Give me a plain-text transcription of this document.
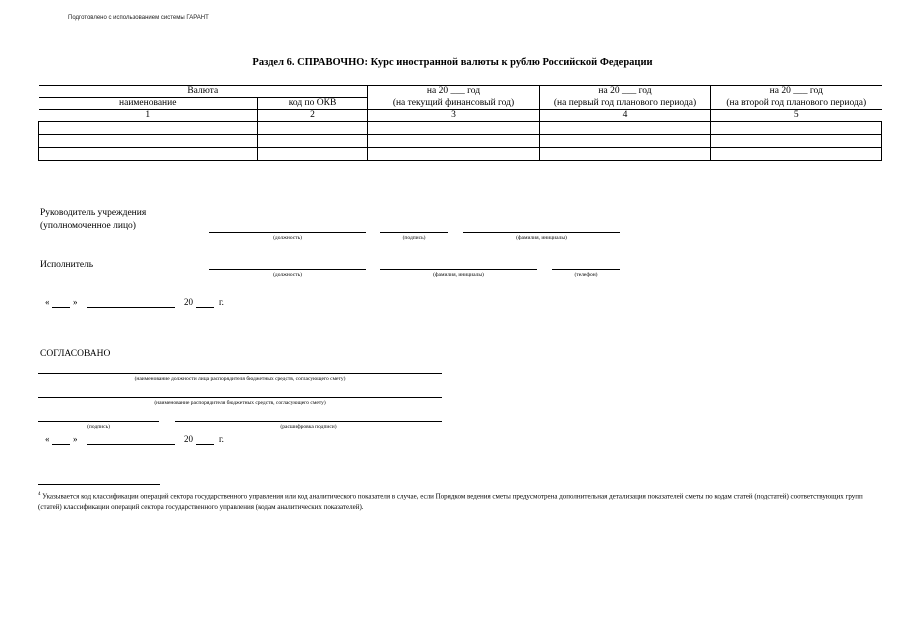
Подготовлено с использованием системы ГАРАНТ
Раздел 6. СПРАВОЧНО: Курс иностранной валюты к рублю Российской Федерации
Валюта		на 20 ___ год	на 20 ___ год	на 20 ___ год
наименование	код по ОКВ	(на текущий финансовый год)	(на первый год планового периода)	(на второй год планового периода)
1	2	3	4	5

Руководитель учреждения
(уполномоченное лицо)
(должность)	(подпись)	(фамилия, инициалы)
Исполнитель
(должность)	(фамилия, инициалы)	(телефон)
«	»	20	г.
СОГЛАСОВАНО
(наименование должности лица распорядителя бюджетных средств, согласующего смету)
(наименование распорядителя бюджетных средств, согласующего смету)
(подпись)	(расшифровка подписи)
«	»	20	г.
$^4$ Указывается код классификации операций сектора государственного управления или код аналитического показателя в случае, если Порядком ведения сметы предусмотрена дополнительная детализация показателей сметы по кодам статей (подстатей) соответствующих групп (статей) классификации операций сектора государственного управления (кодам аналитических показателей).
